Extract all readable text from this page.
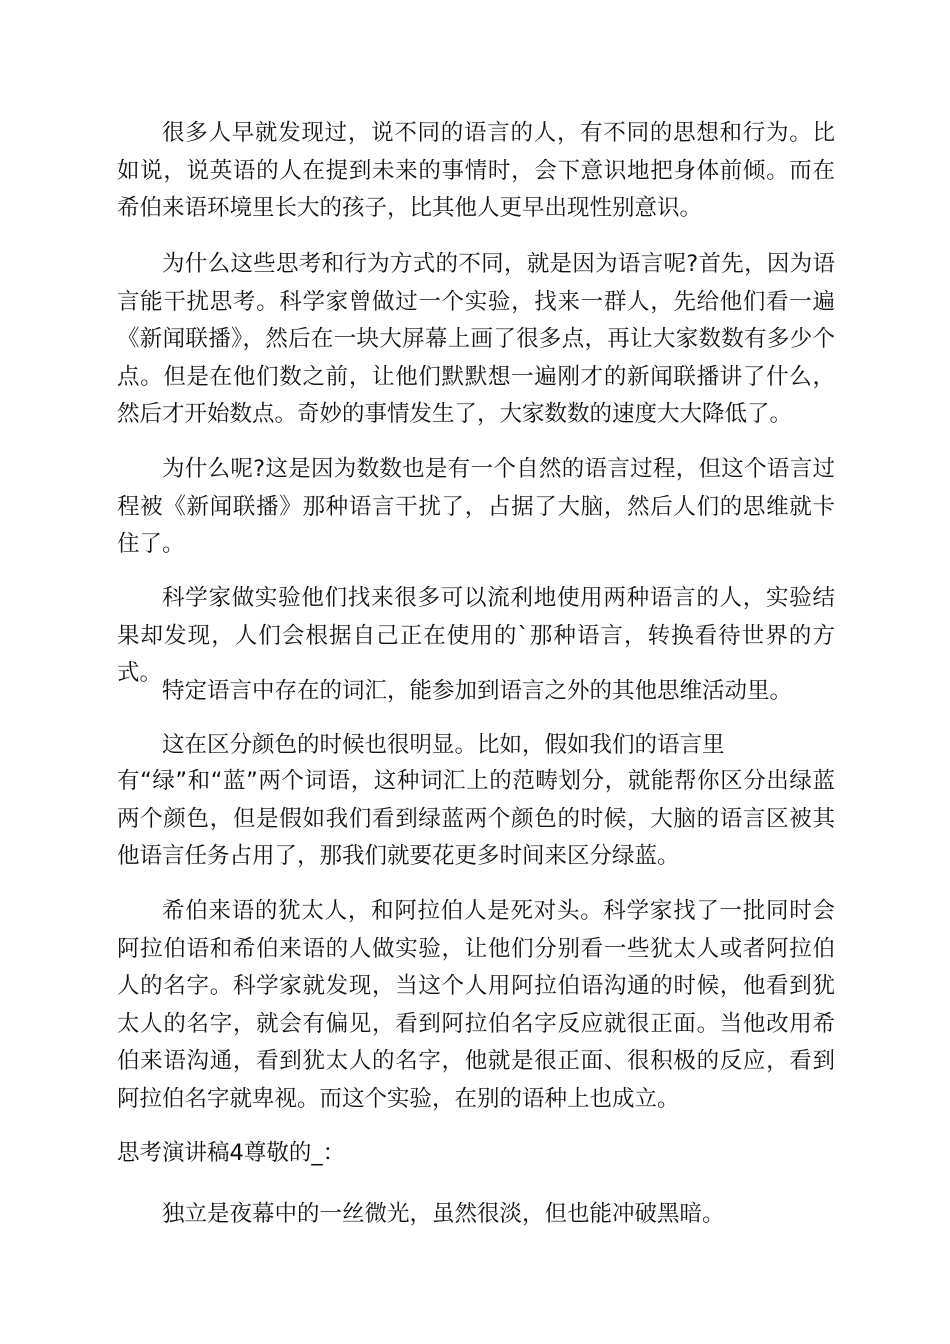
很多人早就发现过，说不同的语言的人，有不同的思想和行为。比如说，说英语的人在提到未来的事情时，会下意识地把身体前倾。而在希伯来语环境里长大的孩子，比其他人更早出现性别意识。

为什么这些思考和行为方式的不同，就是因为语言呢?首先，因为语言能干扰思考。科学家曾做过一个实验，找来一群人，先给他们看一遍《新闻联播》，然后在一块大屏幕上画了很多点，再让大家数数有多少个点。但是在他们数之前，让他们默默想一遍刚才的新闻联播讲了什么，然后才开始数点。奇妙的事情发生了，大家数数的速度大大降低了。

为什么呢?这是因为数数也是有一个自然的语言过程，但这个语言过程被《新闻联播》那种语言干扰了，占据了大脑，然后人们的思维就卡住了。

科学家做实验他们找来很多可以流利地使用两种语言的人，实验结果却发现，人们会根据自己正在使用的`那种语言，转换看待世界的方式。

特定语言中存在的词汇，能参加到语言之外的其他思维活动里。

这在区分颜色的时候也很明显。比如，假如我们的语言里

有“绿”和“蓝”两个词语，这种词汇上的范畴划分，就能帮你区分出绿蓝两个颜色，但是假如我们看到绿蓝两个颜色的时候，大脑的语言区被其他语言任务占用了，那我们就要花更多时间来区分绿蓝。

希伯来语的犹太人，和阿拉伯人是死对头。科学家找了一批同时会阿拉伯语和希伯来语的人做实验，让他们分别看一些犹太人或者阿拉伯人的名字。科学家就发现，当这个人用阿拉伯语沟通的时候，他看到犹太人的名字，就会有偏见，看到阿拉伯名字反应就很正面。当他改用希伯来语沟通，看到犹太人的名字，他就是很正面、很积极的反应，看到阿拉伯名字就卑视。而这个实验，在别的语种上也成立。

思考演讲稿4尊敬的_：

独立是夜幕中的一丝微光，虽然很淡，但也能冲破黑暗。
